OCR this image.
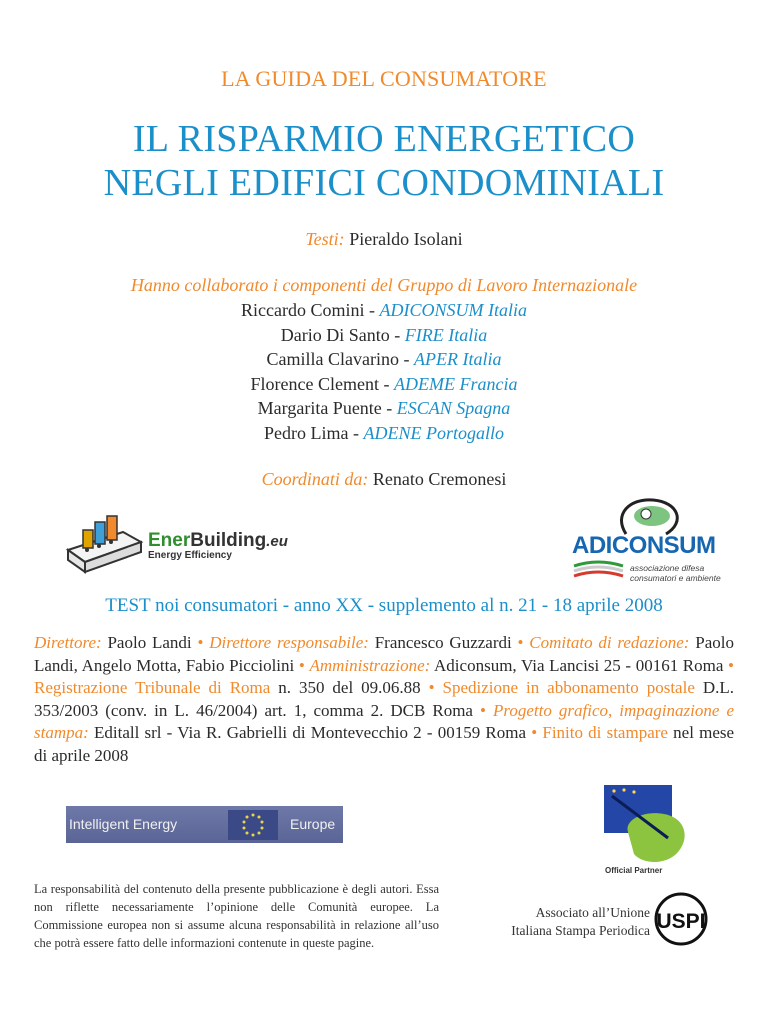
LA GUIDA DEL CONSUMATORE
IL RISPARMIO ENERGETICO
NEGLI EDIFICI CONDOMINIALI
Testi: Pieraldo Isolani
Hanno collaborato i componenti del Gruppo di Lavoro Internazionale
Riccardo Comini - ADICONSUM Italia
Dario Di Santo - FIRE Italia
Camilla Clavarino - APER Italia
Florence Clement - ADEME Francia
Margarita Puente - ESCAN Spagna
Pedro Lima - ADENE Portogallo
Coordinati da: Renato Cremonesi
EnerBuilding.eu
Energy Efficiency	ADICONSUM
associazione difesa
consumatori e ambiente
TEST noi consumatori - anno XX - supplemento al n. 21 - 18 aprile 2008
Direttore: Paolo Landi • Direttore responsabile: Francesco Guzzardi • Comitato di redazione: Paolo Landi, Angelo Motta, Fabio Picciolini • Amministrazione: Adiconsum, Via Lancisi 25 - 00161 Roma • Registrazione Tribunale di Roma n. 350 del 09.06.88 • Spedizione in abbonamento postale D.L. 353/2003 (conv. in L. 46/2004) art. 1, comma 2. DCB Roma • Progetto grafico, impaginazione e stampa: Editall srl - Via R. Gabrielli di Montevecchio 2 - 00159 Roma • Finito di stampare nel mese di aprile 2008
Intelligent Energy	Europe
Official Partner
La responsabilità del contenuto della presente pubblicazione è degli autori. Essa non riflette necessariamente l’opinione delle Comunità europee. La Commissione europea non si assume alcuna responsabilità in relazione all’uso che potrà essere fatto delle informazioni contenute in queste pagine.
Associato all’Unione
Italiana Stampa Periodica USPI
